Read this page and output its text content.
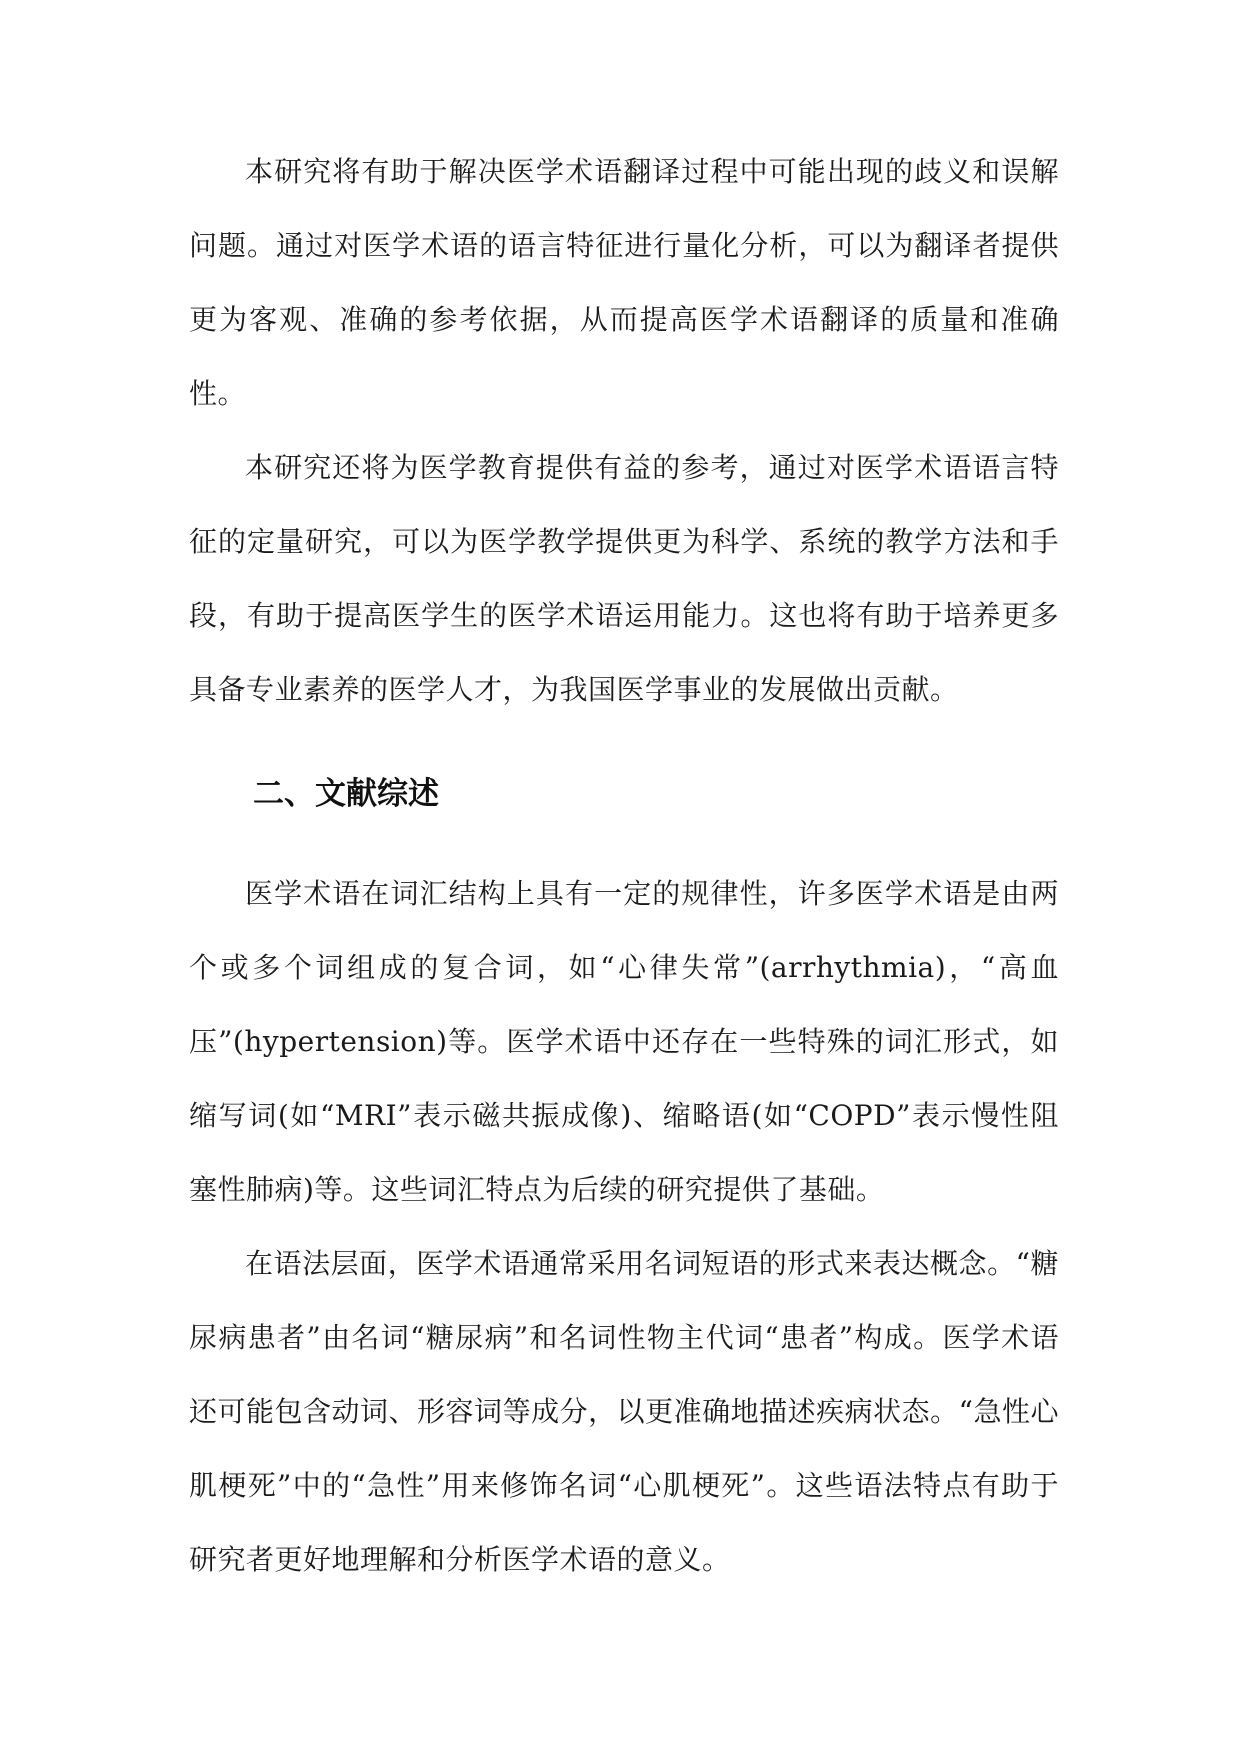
本研究将有助于解决医学术语翻译过程中可能出现的歧义和误解问题。通过对医学术语的语言特征进行量化分析，可以为翻译者提供更为客观、准确的参考依据，从而提高医学术语翻译的质量和准确性。

本研究还将为医学教育提供有益的参考，通过对医学术语语言特征的定量研究，可以为医学教学提供更为科学、系统的教学方法和手段，有助于提高医学生的医学术语运用能力。这也将有助于培养更多具备专业素养的医学人才，为我国医学事业的发展做出贡献。

二、文献综述

医学术语在词汇结构上具有一定的规律性，许多医学术语是由两个或多个词组成的复合词，如“心律失常”(arrhythmia)，“高血压”(hypertension)等。医学术语中还存在一些特殊的词汇形式，如缩写词(如“MRI”表示磁共振成像)、缩略语(如“COPD”表示慢性阻塞性肺病)等。这些词汇特点为后续的研究提供了基础。

在语法层面，医学术语通常采用名词短语的形式来表达概念。“糖尿病患者”由名词“糖尿病”和名词性物主代词“患者”构成。医学术语还可能包含动词、形容词等成分，以更准确地描述疾病状态。“急性心肌梗死”中的“急性”用来修饰名词“心肌梗死”。这些语法特点有助于研究者更好地理解和分析医学术语的意义。
